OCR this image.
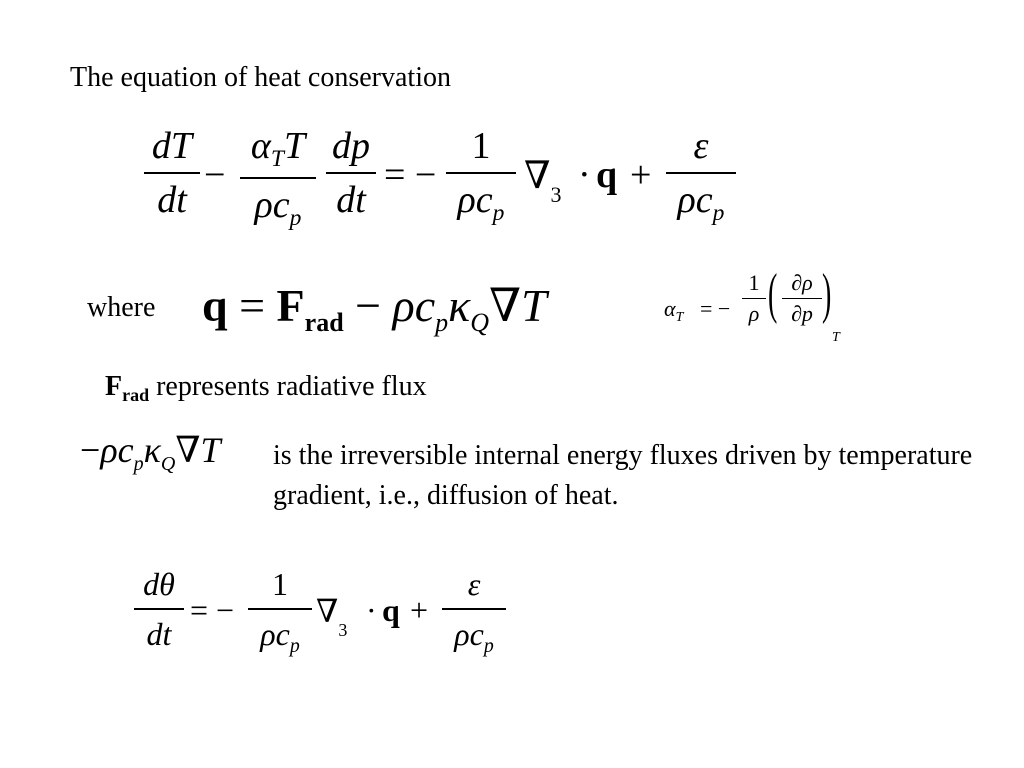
The equation of heat conservation
dT
dt
−
$\alpha_TT$
$\rho c_p$
dp
dt
= −
1
$\rho c_p$
$\nabla_3 \cdot q$ +
ε
$\rho c_p$
where $q = F_{rad} - \rho c_p\kappa_Q\nabla T$	$\alpha_T$ = −
1
ρ ( ∂ρ
∂p )
T
$F_{rad}$ represents radiative flux
$-\rho c_p\kappa_Q\nabla T$ is the irreversible internal energy fluxes driven by temperature gradient, i.e., diffusion of heat.
dθ
dt
= −
1
$\rho c_p$
$\nabla_3$
· q +
ε
$\rho c_p$
